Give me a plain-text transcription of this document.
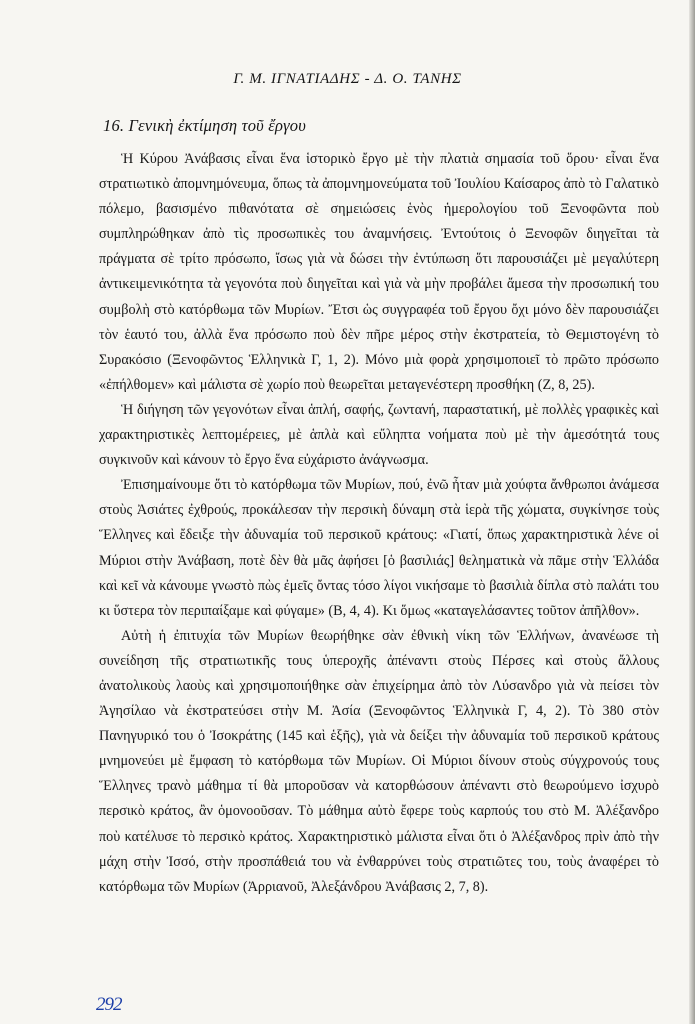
Γ. Μ. ΙΓΝΑΤΙΑΔΗΣ - Δ. Ο. ΤΑΝΗΣ
16. Γενικὴ ἐκτίμηση τοῦ ἔργου

Ἡ Κύρου Ἀνάβασις εἶναι ἕνα ἱστορικὸ ἔργο μὲ τὴν πλατιὰ σημασία τοῦ ὅρου· εἶναι ἕνα στρατιωτικὸ ἀπομνημόνευμα, ὅπως τὰ ἀπομνημονεύματα τοῦ Ἰουλίου Καίσαρος ἀπὸ τὸ Γαλατικὸ πόλεμο, βασισμένο πιθανότατα σὲ σημειώσεις ἑνὸς ἡμερολογίου τοῦ Ξενοφῶντα ποὺ συμπληρώθηκαν ἀπὸ τὶς προσωπικὲς του ἀναμνήσεις. Ἐντούτοις ὁ Ξενοφῶν διηγεῖται τὰ πράγματα σὲ τρίτο πρόσωπο, ἴσως γιὰ νὰ δώσει τὴν ἐντύπωση ὅτι παρουσιάζει μὲ μεγαλύτερη ἀντικειμενικότητα τὰ γεγονότα ποὺ διηγεῖται καὶ γιὰ νὰ μὴν προβάλει ἄμεσα τὴν προσωπική του συμβολὴ στὸ κατόρθωμα τῶν Μυρίων. Ἔτσι ὡς συγγραφέα τοῦ ἔργου ὄχι μόνο δὲν παρουσιάζει τὸν ἑαυτό του, ἀλλὰ ἕνα πρόσωπο ποὺ δὲν πῆρε μέρος στὴν ἐκστρατεία, τὸ Θεμιστογένη τὸ Συρακόσιο (Ξενοφῶντος Ἑλληνικὰ Γ, 1, 2). Μόνο μιὰ φορὰ χρησιμοποιεῖ τὸ πρῶτο πρόσωπο «ἐπήλθομεν» καὶ μάλιστα σὲ χωρίο ποὺ θεωρεῖται μεταγενέστερη προσθήκη (Ζ, 8, 25).

Ἡ διήγηση τῶν γεγονότων εἶναι ἁπλή, σαφής, ζωντανή, παραστατική, μὲ πολλὲς γραφικὲς καὶ χαρακτηριστικὲς λεπτομέρειες, μὲ ἁπλὰ καὶ εὔληπτα νοήματα ποὺ μὲ τὴν ἀμεσότητά τους συγκινοῦν καὶ κάνουν τὸ ἔργο ἕνα εὐχάριστο ἀνάγνωσμα.

Ἐπισημαίνουμε ὅτι τὸ κατόρθωμα τῶν Μυρίων, πού, ἐνῶ ἦταν μιὰ χούφτα ἄνθρωποι ἀνάμεσα στοὺς Ἀσιάτες ἐχθρούς, προκάλεσαν τὴν περσικὴ δύναμη στὰ ἱερὰ τῆς χώματα, συγκίνησε τοὺς Ἕλληνες καὶ ἔδειξε τὴν ἀδυναμία τοῦ περσικοῦ κράτους: «Γιατί, ὅπως χαρακτηριστικὰ λένε οἱ Μύριοι στὴν Ἀνάβαση, ποτὲ δὲν θὰ μᾶς ἀφήσει [ὁ βασιλιάς] θεληματικὰ νὰ πᾶμε στὴν Ἑλλάδα καὶ κεῖ νὰ κάνουμε γνωστὸ πὼς ἐμεῖς ὄντας τόσο λίγοι νικήσαμε τὸ βασιλιὰ δίπλα στὸ παλάτι του κι ὕστερα τὸν περιπαίξαμε καὶ φύγαμε» (Β, 4, 4). Κι ὅμως «καταγελάσαντες τοῦτον ἀπῆλθον».

Αὐτὴ ἡ ἐπιτυχία τῶν Μυρίων θεωρήθηκε σὰν ἐθνικὴ νίκη τῶν Ἑλλήνων, ἀνανέωσε τὴ συνείδηση τῆς στρατιωτικῆς τους ὑπεροχῆς ἀπέναντι στοὺς Πέρσες καὶ στοὺς ἄλλους ἀνατολικοὺς λαοὺς καὶ χρησιμοποιήθηκε σὰν ἐπιχείρημα ἀπὸ τὸν Λύσανδρο γιὰ νὰ πείσει τὸν Ἀγησίλαο νὰ ἐκστρατεύσει στὴν Μ. Ἀσία (Ξενοφῶντος Ἑλληνικὰ Γ, 4, 2). Τὸ 380 στὸν Πανηγυρικό του ὁ Ἰσοκράτης (145 καὶ ἑξῆς), γιὰ νὰ δείξει τὴν ἀδυναμία τοῦ περσικοῦ κράτους μνημονεύει μὲ ἔμφαση τὸ κατόρθωμα τῶν Μυρίων. Οἱ Μύριοι δίνουν στοὺς σύγχρονούς τους Ἕλληνες τρανὸ μάθημα τί θὰ μποροῦσαν νὰ κατορθώσουν ἀπέναντι στὸ θεωρούμενο ἰσχυρὸ περσικὸ κράτος, ἂν ὁμονοοῦσαν. Τὸ μάθημα αὐτὸ ἔφερε τοὺς καρπούς του στὸ Μ. Ἀλέξανδρο ποὺ κατέλυσε τὸ περσικὸ κράτος. Χαρακτηριστικὸ μάλιστα εἶναι ὅτι ὁ Ἀλέξανδρος πρὶν ἀπὸ τὴν μάχη στὴν Ἰσσό, στὴν προσπάθειά του νὰ ἐνθαρρύνει τοὺς στρατιῶτες του, τοὺς ἀναφέρει τὸ κατόρθωμα τῶν Μυρίων (Ἀρριανοῦ, Ἀλεξάνδρου Ἀνάβασις 2, 7, 8).

292
